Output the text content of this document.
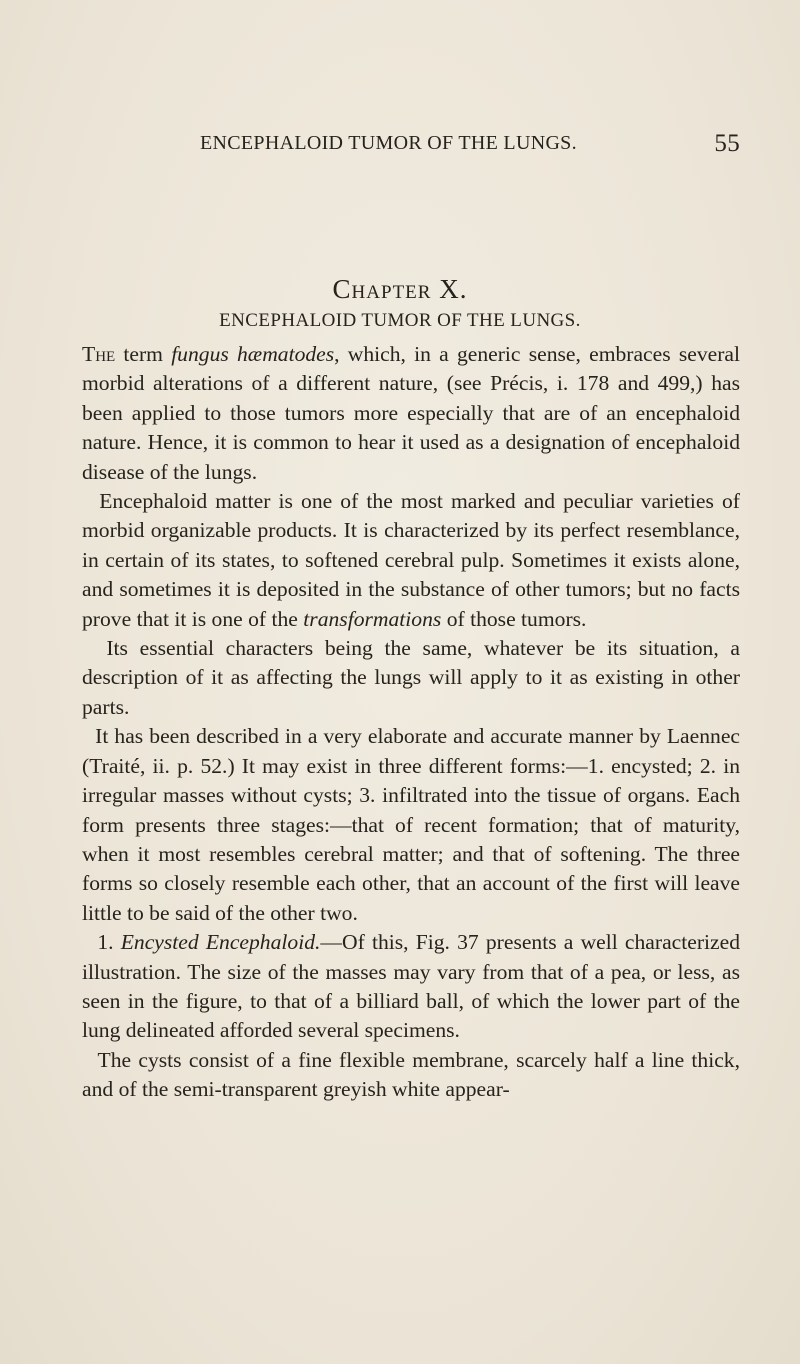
ENCEPHALOID TUMOR OF THE LUNGS.	55
Chapter X.
ENCEPHALOID TUMOR OF THE LUNGS.

The term fungus hæmatodes, which, in a generic sense, embraces several morbid alterations of a different nature, (see Précis, i. 178 and 499,) has been applied to those tumors more especially that are of an encephaloid nature. Hence, it is common to hear it used as a designation of encephaloid disease of the lungs.

Encephaloid matter is one of the most marked and peculiar varieties of morbid organizable products. It is characterized by its perfect resemblance, in certain of its states, to softened cerebral pulp. Sometimes it exists alone, and sometimes it is deposited in the substance of other tumors; but no facts prove that it is one of the transformations of those tumors.

Its essential characters being the same, whatever be its situation, a description of it as affecting the lungs will apply to it as existing in other parts.

It has been described in a very elaborate and accurate manner by Laennec (Traité, ii. p. 52.) It may exist in three different forms:—1. encysted; 2. in irregular masses without cysts; 3. infiltrated into the tissue of organs. Each form presents three stages:—that of recent formation; that of maturity, when it most resembles cerebral matter; and that of softening. The three forms so closely resemble each other, that an account of the first will leave little to be said of the other two.

1. Encysted Encephaloid.—Of this, Fig. 37 presents a well characterized illustration. The size of the masses may vary from that of a pea, or less, as seen in the figure, to that of a billiard ball, of which the lower part of the lung delineated afforded several specimens.

The cysts consist of a fine flexible membrane, scarcely half a line thick, and of the semi-transparent greyish white appear-
